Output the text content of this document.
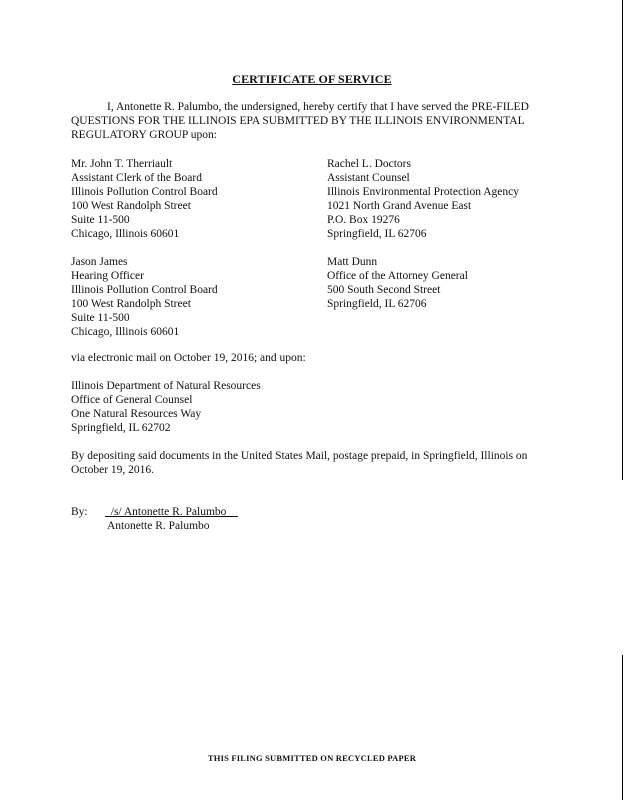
CERTIFICATE OF SERVICE

I, Antonette R. Palumbo, the undersigned, hereby certify that I have served the PRE-FILED QUESTIONS FOR THE ILLINOIS EPA SUBMITTED BY THE ILLINOIS ENVIRONMENTAL REGULATORY GROUP upon:

Mr. John T. Therriault
Assistant Clerk of the Board
Illinois Pollution Control Board
100 West Randolph Street
Suite 11-500
Chicago, Illinois 60601
Rachel L. Doctors
Assistant Counsel
Illinois Environmental Protection Agency
1021 North Grand Avenue East
P.O. Box 19276
Springfield, IL 62706
Jason James
Hearing Officer
Illinois Pollution Control Board
100 West Randolph Street
Suite 11-500
Chicago, Illinois 60601
Matt Dunn
Office of the Attorney General
500 South Second Street
Springfield, IL 62706

via electronic mail on October 19, 2016; and upon:

Illinois Department of Natural Resources
Office of General Counsel
One Natural Resources Way
Springfield, IL 62702

By depositing said documents in the United States Mail, postage prepaid, in Springfield, Illinois on October 19, 2016.

By: _/s/ Antonette R. Palumbo__
Antonette R. Palumbo
THIS FILING SUBMITTED ON RECYCLED PAPER
